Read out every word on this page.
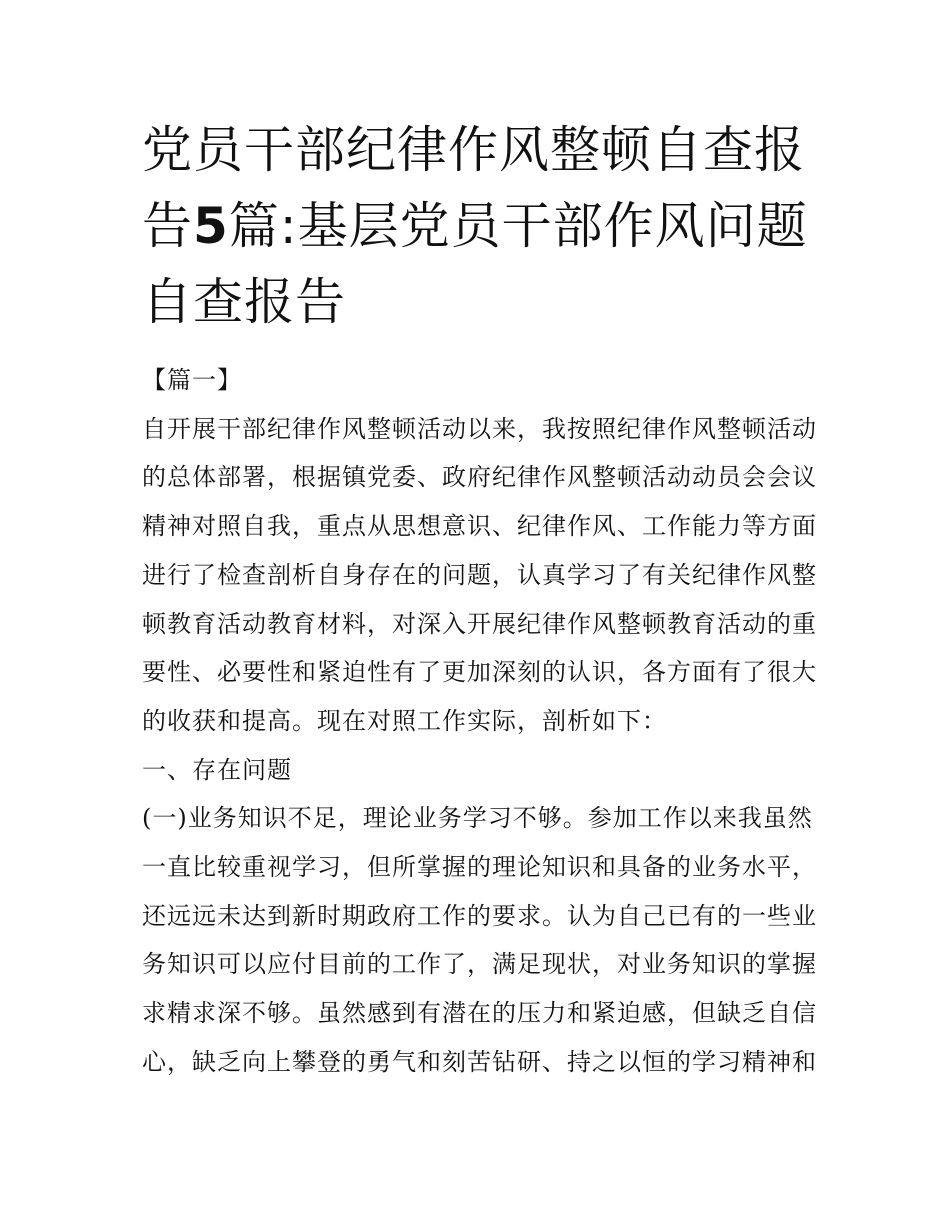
党员干部纪律作风整顿自查报告5篇:基层党员干部作风问题自查报告

【篇一】

自开展干部纪律作风整顿活动以来，我按照纪律作风整顿活动的总体部署，根据镇党委、政府纪律作风整顿活动动员会会议精神对照自我，重点从思想意识、纪律作风、工作能力等方面进行了检查剖析自身存在的问题，认真学习了有关纪律作风整顿教育活动教育材料，对深入开展纪律作风整顿教育活动的重要性、必要性和紧迫性有了更加深刻的认识，各方面有了很大的收获和提高。现在对照工作实际，剖析如下：

一、存在问题

(一)业务知识不足，理论业务学习不够。参加工作以来我虽然一直比较重视学习，但所掌握的理论知识和具备的业务水平，还远远未达到新时期政府工作的要求。认为自己已有的一些业务知识可以应付目前的工作了，满足现状，对业务知识的掌握求精求深不够。虽然感到有潜在的压力和紧迫感，但缺乏自信心，缺乏向上攀登的勇气和刻苦钻研、持之以恒的学习精神和
